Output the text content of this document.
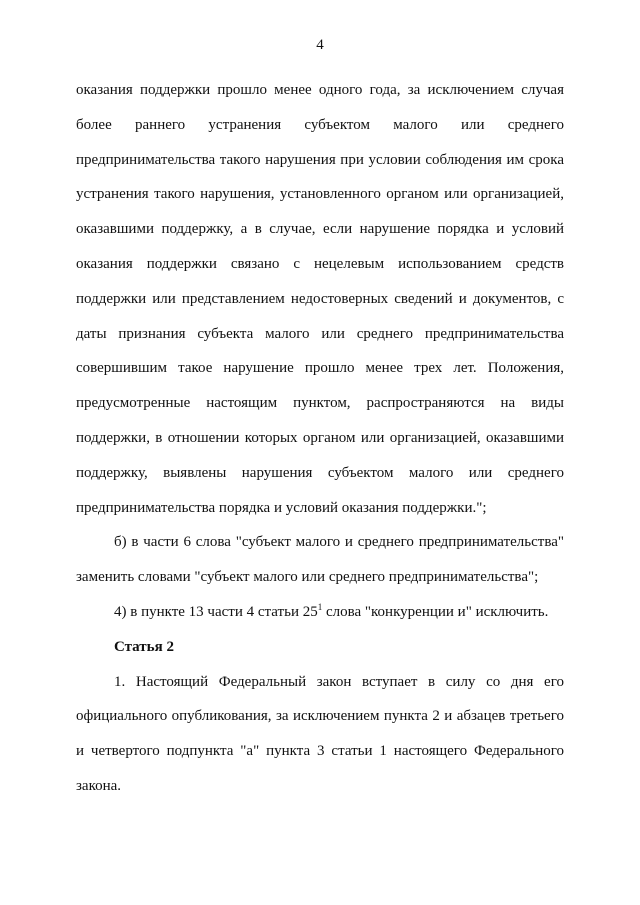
4

оказания поддержки прошло менее одного года, за исключением случая более раннего устранения субъектом малого или среднего предпринимательства такого нарушения при условии соблюдения им срока устранения такого нарушения, установленного органом или организацией, оказавшими поддержку, а в случае, если нарушение порядка и условий оказания поддержки связано с нецелевым использованием средств поддержки или представлением недостоверных сведений и документов, с даты признания субъекта малого или среднего предпринимательства совершившим такое нарушение прошло менее трех лет. Положения, предусмотренные настоящим пунктом, распространяются на виды поддержки, в отношении которых органом или организацией, оказавшими поддержку, выявлены нарушения субъектом малого или среднего предпринимательства порядка и условий оказания поддержки.";

б) в части 6 слова "субъект малого и среднего предпринимательства" заменить словами "субъект малого или среднего предпринимательства";

4) в пункте 13 части 4 статьи $25^1$ слова "конкуренции и" исключить.

Статья 2

1. Настоящий Федеральный закон вступает в силу со дня его официального опубликования, за исключением пункта 2 и абзацев третьего и четвертого подпункта "а" пункта 3 статьи 1 настоящего Федерального закона.
